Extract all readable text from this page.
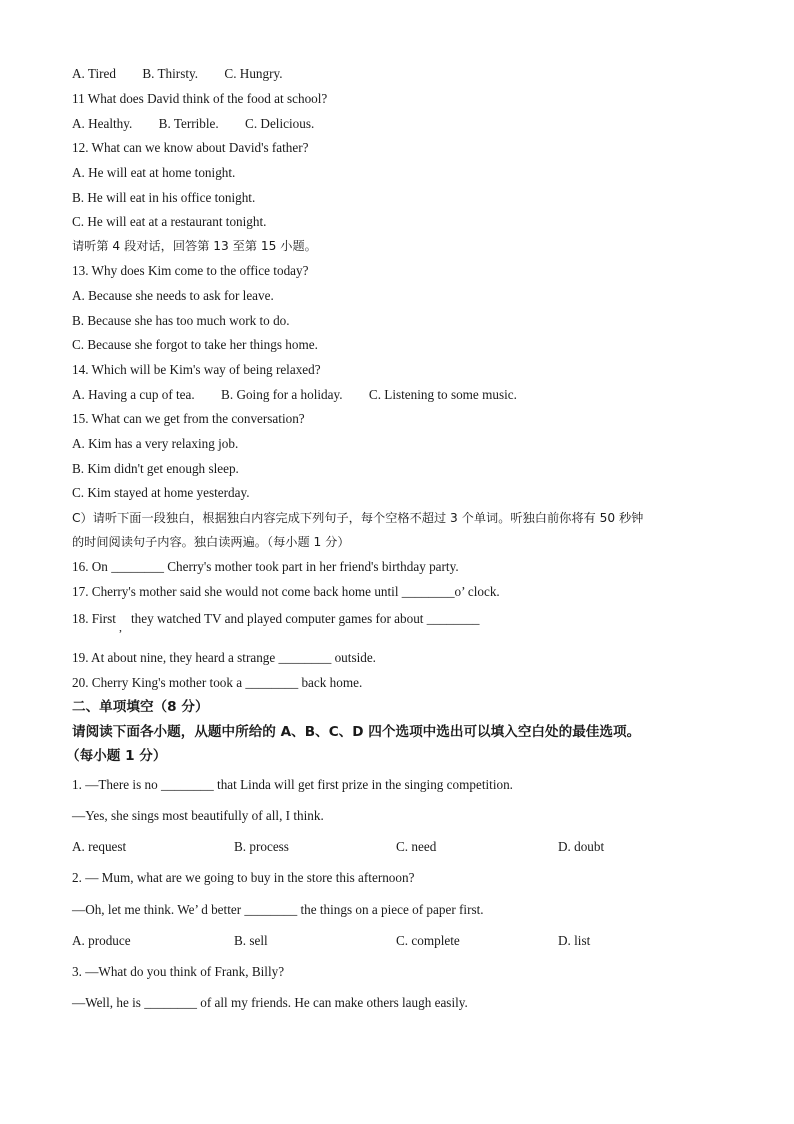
A. Tired        B. Thirsty.        C. Hungry.
11 What does David think of the food at school?
A. Healthy.        B. Terrible.        C. Delicious.
12. What can we know about David's father?
A. He will eat at home tonight.
B. He will eat in his office tonight.
C. He will eat at a restaurant tonight.
请听第 4 段对话，回答第 13 至第 15 小题。
13. Why does Kim come to the office today?
A. Because she needs to ask for leave.
B. Because she has too much work to do.
C. Because she forgot to take her things home.
14. Which will be Kim's way of being relaxed?
A. Having a cup of tea.        B. Going for a holiday.        C. Listening to some music.
15. What can we get from the conversation?
A. Kim has a very relaxing job.
B. Kim didn't get enough sleep.
C. Kim stayed at home yesterday.
C）请听下面一段独白，根据独白内容完成下列句子，每个空格不超过 3 个单词。听独白前你将有 50 秒钟
的时间阅读句子内容。独白读两遍。（每小题 1 分）
16. On ________ Cherry's mother took part in her friend's birthday party.
17. Cherry's mother said she would not come back home until ________o’ clock.
18. First
,
they watched TV and played computer games for about ________
19. At about nine, they heard a strange ________ outside.
20. Cherry King's mother took a ________ back home.
二、单项填空（8 分）
请阅读下面各小题，从题中所给的 A、B、C、D 四个选项中选出可以填入空白处的最佳选项。
（每小题 1 分）
1. —There is no ________ that Linda will get first prize in the singing competition.
—Yes, she sings most beautifully of all, I think.
A. request	B. process	C. need	D. doubt
2. — Mum, what are we going to buy in the store this afternoon?
—Oh, let me think. We’ d better ________ the things on a piece of paper first.
A. produce	B. sell	C. complete	D. list
3. —What do you think of Frank, Billy?
—Well, he is ________ of all my friends. He can make others laugh easily.
